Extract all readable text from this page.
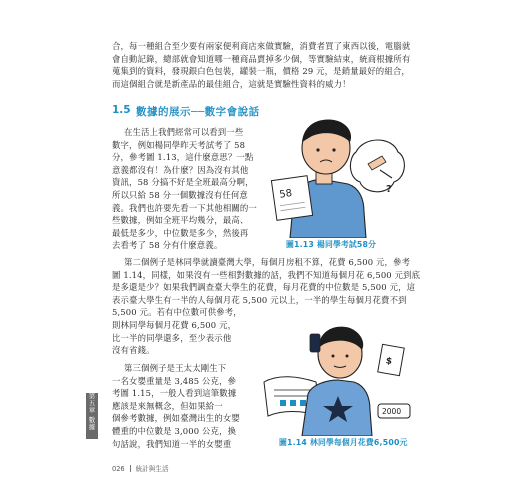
合，每一種組合至少要有兩家便利商店來做實驗，消費者買了東西以後，電腦就
會自動記錄，總部就會知道哪一種商品賣掉多少個，等實驗結束，統商根據所有
蒐集到的資料，發現銀白色包裝，罐裝一瓶，價格 29 元，是銷量最好的組合，
而這個組合就是新產品的最佳組合，這就是實驗性資料的威力！
1.5 數據的展示──數字會說話
在生活上我們經常可以看到一些
數字，例如楊同學昨天考試考了 58
分，參考圖 1.13，這什麼意思？一點
意義都沒有！為什麼？因為沒有其他
資訊，58 分搞不好是全班最高分啊，
所以只給 58 分一個數據沒有任何意
義。我們也許要先看一下其他相關的一
些數據，例如全班平均幾分，最高、
最低是多少，中位數是多少，然後再
去看考了 58 分有什麼意義。
?
58
圖1.13 楊同學考試58分
第二個例子是林同學就讀臺灣大學，每個月房租不算，花費 6,500 元，參考
圖 1.14，同樣，如果沒有一些相對數據的話，我們不知道每個月花 6,500 元到底
是多還是少？如果我們調查臺大學生的花費，每月花費的中位數是 5,500 元，這
表示臺大學生有一半的人每個月花 5,500 元以上，一半的學生每個月花費不到
5,500 元。若有中位數可供參考，
則林同學每個月花費 6,500 元，
比一半的同學還多，至少表示他
沒有省錢。
第三個例子是王太太剛生下
一名女嬰重量是 3,485 公克，參
考圖 1.15，一般人看到這筆數據
應該是來無概念，但如果給一
個參考數據，例如臺灣出生的女嬰
體重的中位數是 3,000 公克，換
句話說，我們知道一半的女嬰重
$
2000
圖1.14 林同學每個月花費6,500元
第
五
章
數
據
026 統計與生活
